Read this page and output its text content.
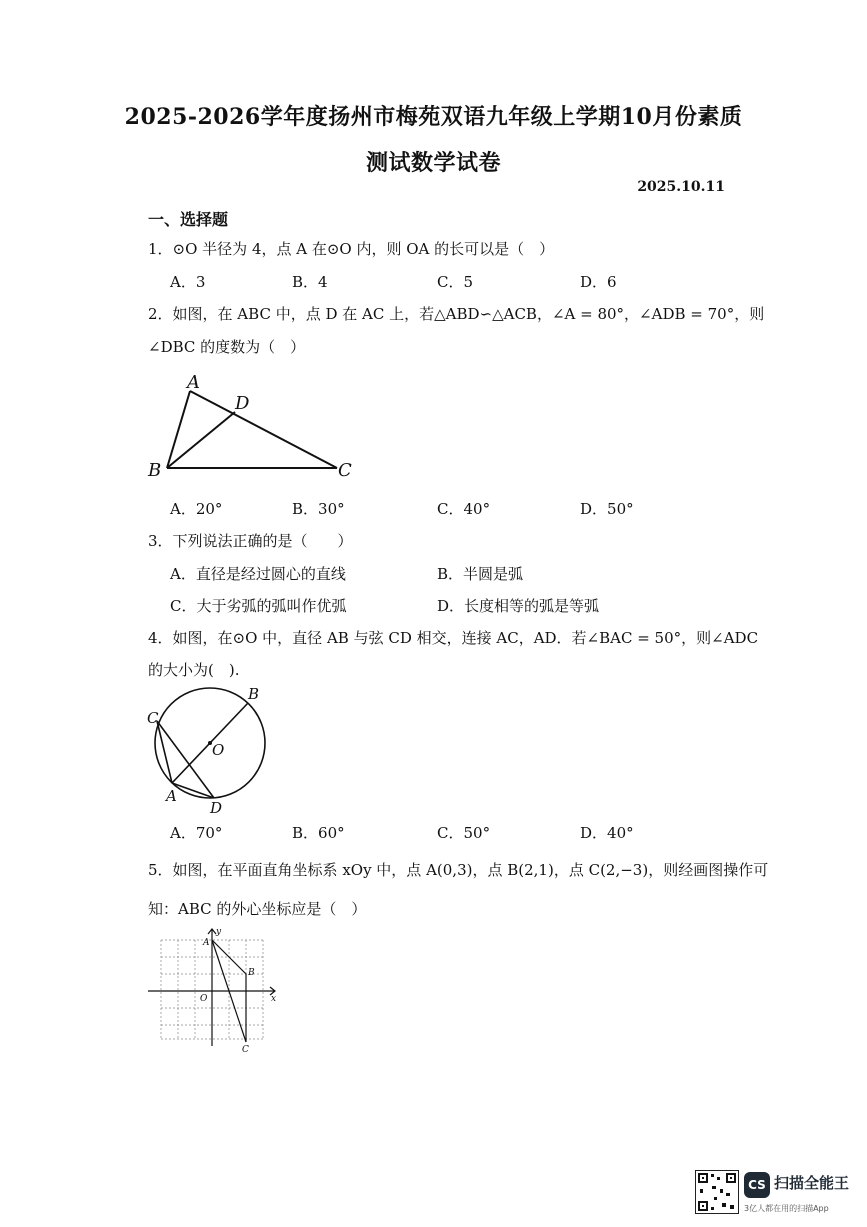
2025-2026学年度扬州市梅苑双语九年级上学期10月份素质
测试数学试卷
2025.10.11
一、选择题
1．⊙O 半径为 4，点 A 在⊙O 内，则 OA 的长可以是（　）
A．3	B．4	C．5	D．6
2．如图，在 ABC 中，点 D 在 AC 上，若△ABD∽△ACB，∠A = 80°，∠ADB = 70°，则
∠DBC 的度数为（　）
A
D
B	C
A．20°	B．30°	C．40°	D．50°
3．下列说法正确的是（　　）
A．直径是经过圆心的直线	B．半圆是弧
C．大于劣弧的弧叫作优弧	D．长度相等的弧是等弧
4．如图，在⊙O 中，直径 AB 与弦 CD 相交，连接 AC，AD．若∠BAC = 50°，则∠ADC
的大小为(　).
B
C
O
A
D
A．70°	B．60°	C．50°	D．40°
5．如图，在平面直角坐标系 xOy 中，点 A(0,3)，点 B(2,1)，点 C(2,−3)，则经画图操作可
知：ABC 的外心坐标应是（　）
y
A
B
O	x
C
CS 扫描全能王
3亿人都在用的扫描App
